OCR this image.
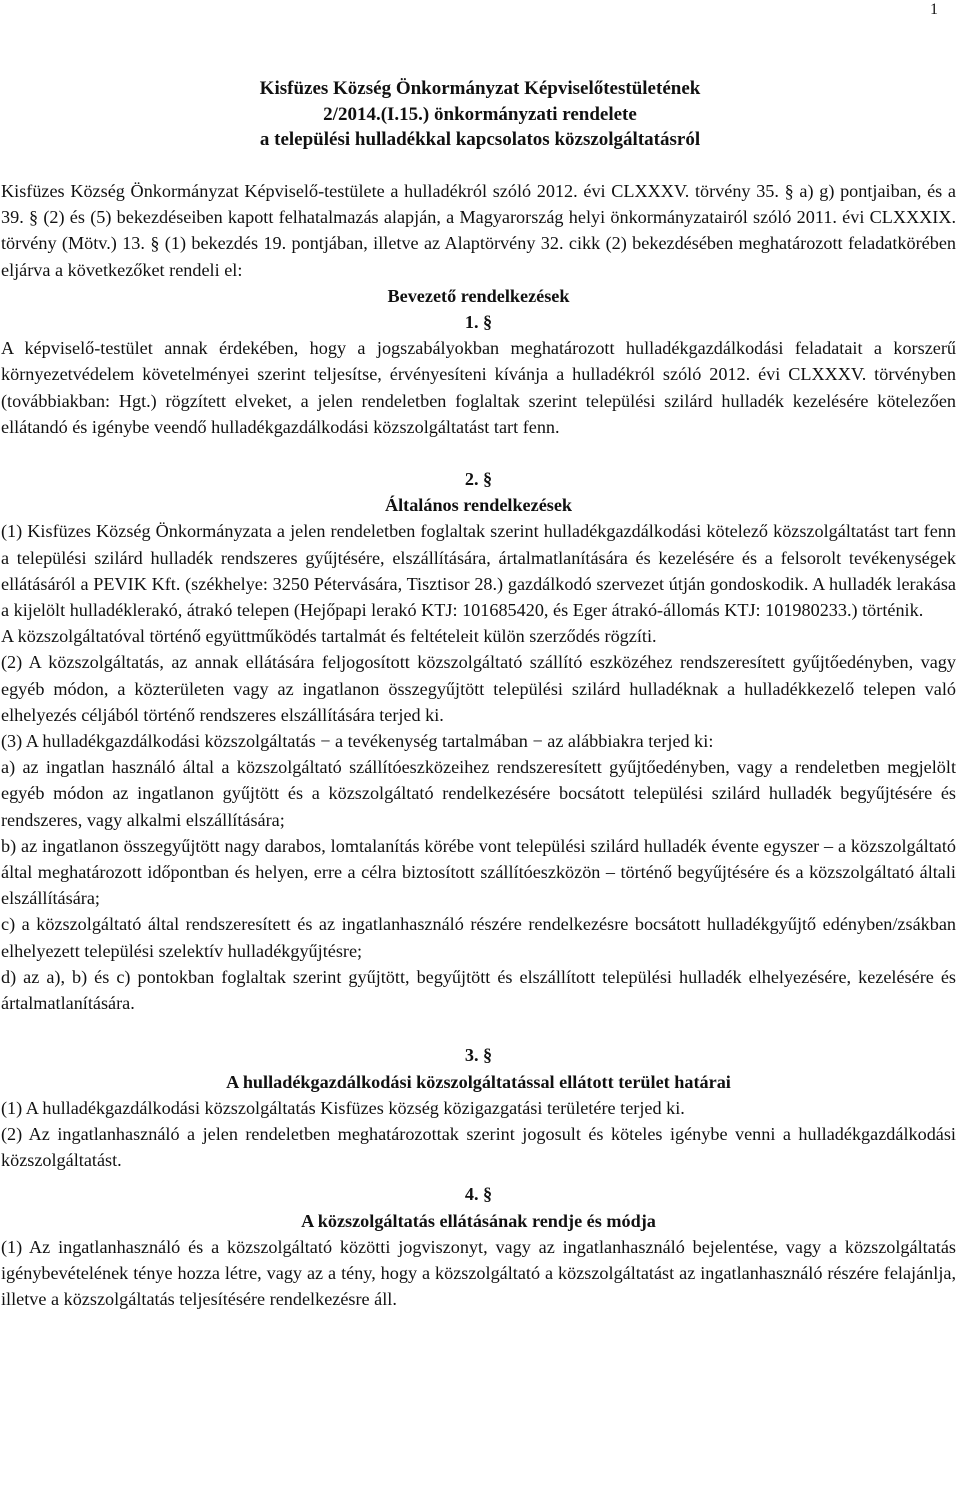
1
Kisfüzes Község Önkormányzat Képviselőtestületének
2/2014.(I.15.) önkormányzati rendelete
a települési hulladékkal kapcsolatos közszolgáltatásról

Kisfüzes Község Önkormányzat Képviselő-testülete a hulladékról szóló 2012. évi CLXXXV. törvény 35. § a) g) pontjaiban, és a 39. § (2) és (5) bekezdéseiben kapott felhatalmazás alapján, a Magyarország helyi önkormányzatairól szóló 2011. évi CLXXXIX. törvény (Mötv.) 13. § (1) bekezdés 19. pontjában, illetve az Alaptörvény 32. cikk (2) bekezdésében meghatározott feladatkörében eljárva a következőket rendeli el:

Bevezető rendelkezések
1. §

A képviselő-testület annak érdekében, hogy a jogszabályokban meghatározott hulladékgazdálkodási feladatait a korszerű környezetvédelem követelményei szerint teljesítse, érvényesíteni kívánja a hulladékról szóló 2012. évi CLXXXV. törvényben (továbbiakban: Hgt.) rögzített elveket, a jelen rendeletben foglaltak szerint települési szilárd hulladék kezelésére kötelezően ellátandó és igénybe veendő hulladékgazdálkodási közszolgáltatást tart fenn.

2. §
Általános rendelkezések

(1) Kisfüzes Község Önkormányzata a jelen rendeletben foglaltak szerint hulladékgazdálkodási kötelező közszolgáltatást tart fenn a települési szilárd hulladék rendszeres gyűjtésére, elszállítására, ártalmatlanítására és kezelésére és a felsorolt tevékenységek ellátásáról a PEVIK Kft. (székhelye: 3250 Pétervására, Tisztisor 28.) gazdálkodó szervezet útján gondoskodik. A hulladék lerakása a kijelölt hulladéklerakó, átrakó telepen (Hejőpapi lerakó KTJ: 101685420, és Eger átrakó-állomás KTJ: 101980233.) történik.

A közszolgáltatóval történő együttműködés tartalmát és feltételeit külön szerződés rögzíti.

(2) A közszolgáltatás, az annak ellátására feljogosított közszolgáltató szállító eszközéhez rendszeresített gyűjtőedényben, vagy egyéb módon, a közterületen vagy az ingatlanon összegyűjtött települési szilárd hulladéknak a hulladékkezelő telepen való elhelyezés céljából történő rendszeres elszállítására terjed ki.

(3) A hulladékgazdálkodási közszolgáltatás − a tevékenység tartalmában − az alábbiakra terjed ki:

a) az ingatlan használó által a közszolgáltató szállítóeszközeihez rendszeresített gyűjtőedényben, vagy a rendeletben megjelölt egyéb módon az ingatlanon gyűjtött és a közszolgáltató rendelkezésére bocsátott települési szilárd hulladék begyűjtésére és rendszeres, vagy alkalmi elszállítására;

b) az ingatlanon összegyűjtött nagy darabos, lomtalanítás körébe vont települési szilárd hulladék évente egyszer – a közszolgáltató által meghatározott időpontban és helyen, erre a célra biztosított szállítóeszközön – történő begyűjtésére és a közszolgáltató általi elszállítására;

c) a közszolgáltató által rendszeresített és az ingatlanhasználó részére rendelkezésre bocsátott hulladékgyűjtő edényben/zsákban elhelyezett települési szelektív hulladékgyűjtésre;

d) az a), b) és c) pontokban foglaltak szerint gyűjtött, begyűjtött és elszállított települési hulladék elhelyezésére, kezelésére és ártalmatlanítására.

3. §
A hulladékgazdálkodási közszolgáltatással ellátott terület határai

(1) A hulladékgazdálkodási közszolgáltatás Kisfüzes község közigazgatási területére terjed ki.

(2) Az ingatlanhasználó a jelen rendeletben meghatározottak szerint jogosult és köteles igénybe venni a hulladékgazdálkodási közszolgáltatást.

4. §
A közszolgáltatás ellátásának rendje és módja

(1) Az ingatlanhasználó és a közszolgáltató közötti jogviszonyt, vagy az ingatlanhasználó bejelentése, vagy a közszolgáltatás igénybevételének ténye hozza létre, vagy az a tény, hogy a közszolgáltató a közszolgáltatást az ingatlanhasználó részére felajánlja, illetve a közszolgáltatás teljesítésére rendelkezésre áll.
